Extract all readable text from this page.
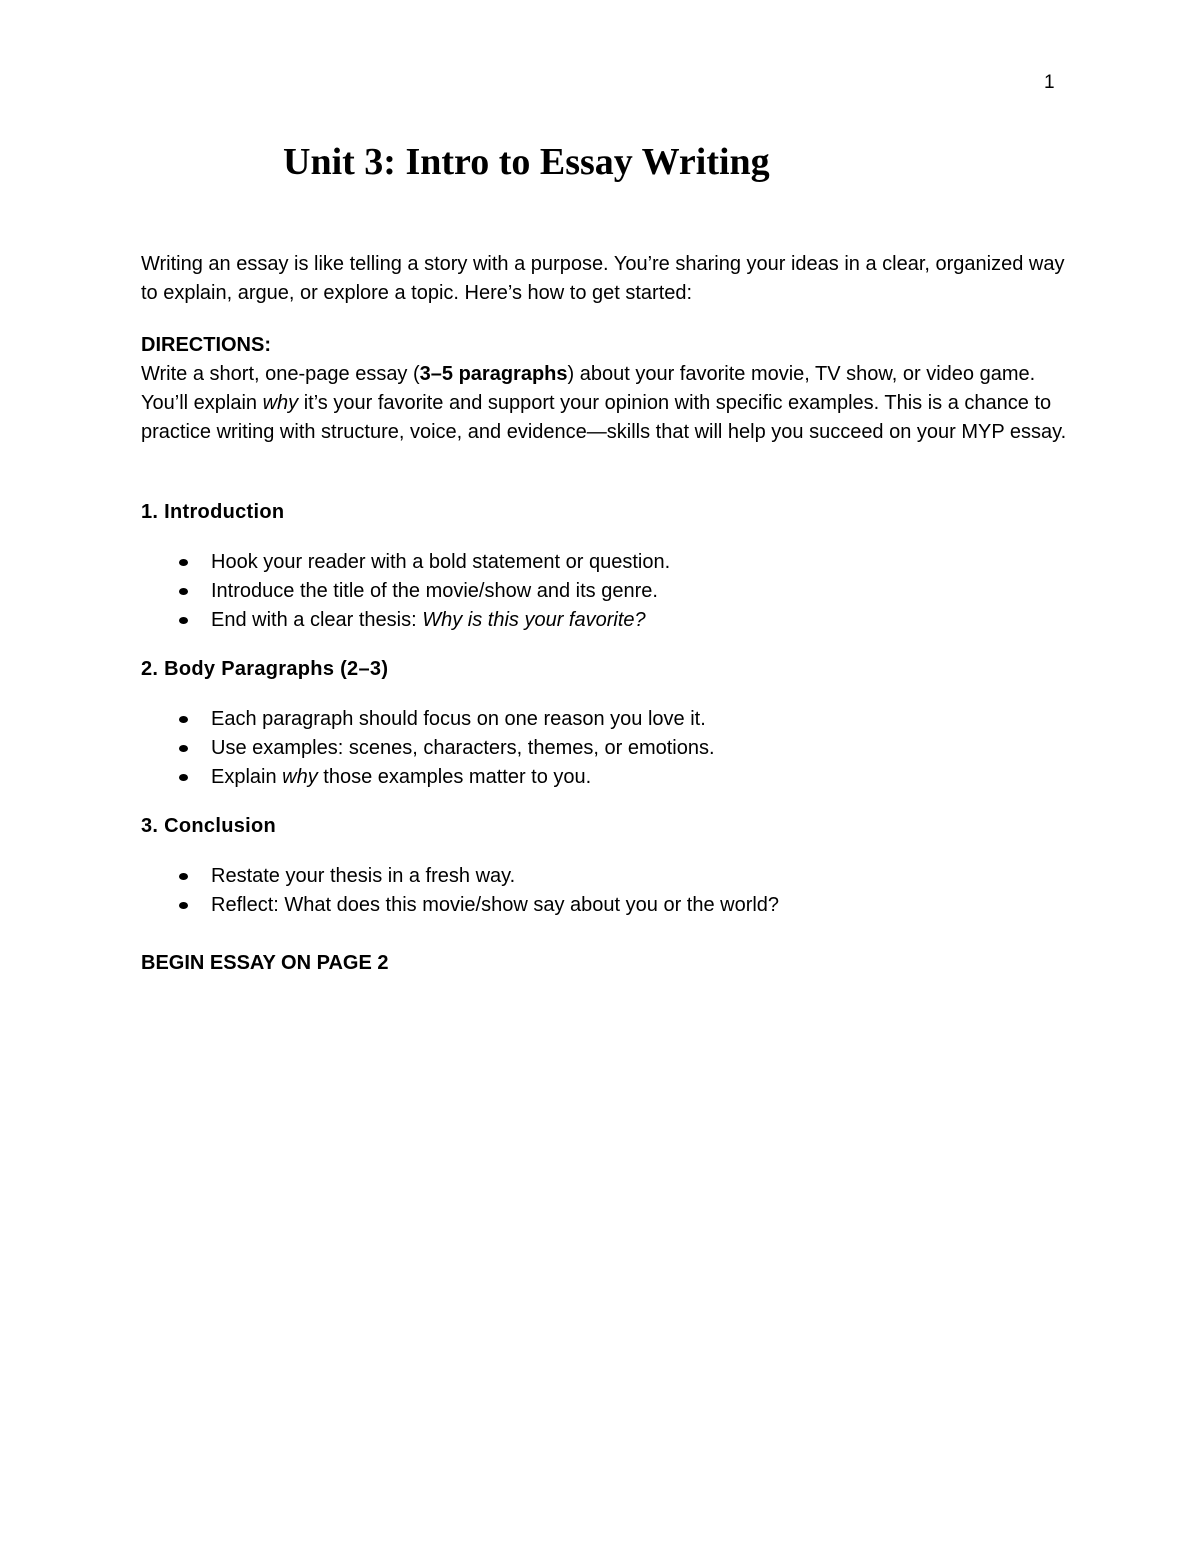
1
Unit 3: Intro to Essay Writing

Writing an essay is like telling a story with a purpose. You’re sharing your ideas in a clear, organized way to explain, argue, or explore a topic. Here’s how to get started:

DIRECTIONS:

Write a short, one-page essay (3–5 paragraphs) about your favorite movie, TV show, or video game. You’ll explain why it’s your favorite and support your opinion with specific examples. This is a chance to practice writing with structure, voice, and evidence—skills that will help you succeed on your MYP essay.

1. Introduction

Hook your reader with a bold statement or question.
Introduce the title of the movie/show and its genre.
End with a clear thesis: Why is this your favorite?

2. Body Paragraphs (2–3)

Each paragraph should focus on one reason you love it.
Use examples: scenes, characters, themes, or emotions.
Explain why those examples matter to you.

3. Conclusion

Restate your thesis in a fresh way.
Reflect: What does this movie/show say about you or the world?

BEGIN ESSAY ON PAGE 2
